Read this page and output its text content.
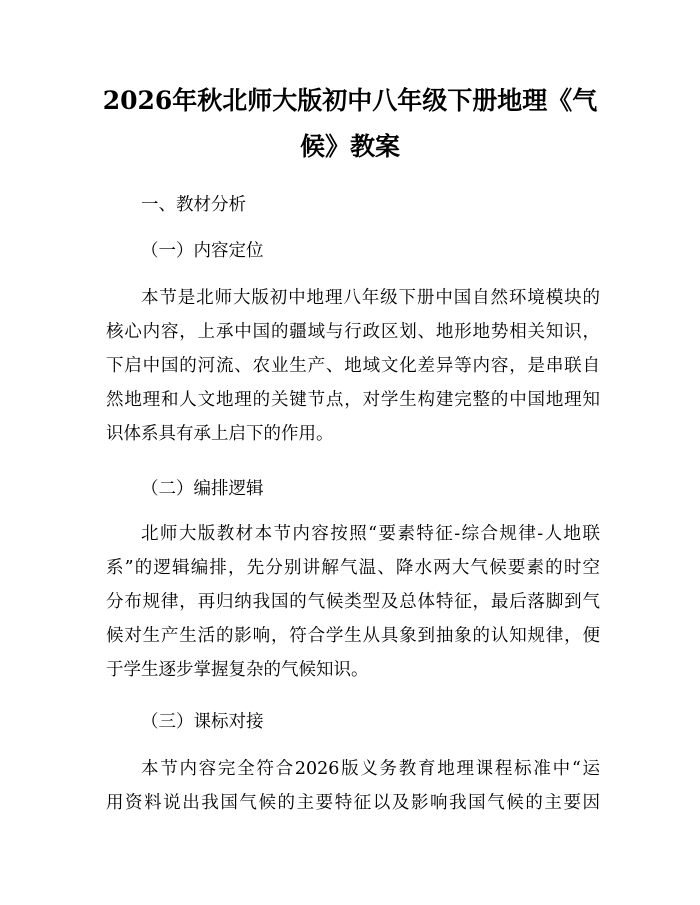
2026年秋北师大版初中八年级下册地理《气
候》教案
一、教材分析
（一）内容定位
本节是北师大版初中地理八年级下册中国自然环境模块的
核心内容，上承中国的疆域与行政区划、地形地势相关知识，
下启中国的河流、农业生产、地域文化差异等内容，是串联自
然地理和人文地理的关键节点，对学生构建完整的中国地理知
识体系具有承上启下的作用。
（二）编排逻辑
北师大版教材本节内容按照“要素特征-综合规律-人地联
系”的逻辑编排，先分别讲解气温、降水两大气候要素的时空
分布规律，再归纳我国的气候类型及总体特征，最后落脚到气
候对生产生活的影响，符合学生从具象到抽象的认知规律，便
于学生逐步掌握复杂的气候知识。
（三）课标对接
本节内容完全符合2026版义务教育地理课程标准中“运
用资料说出我国气候的主要特征以及影响我国气候的主要因
